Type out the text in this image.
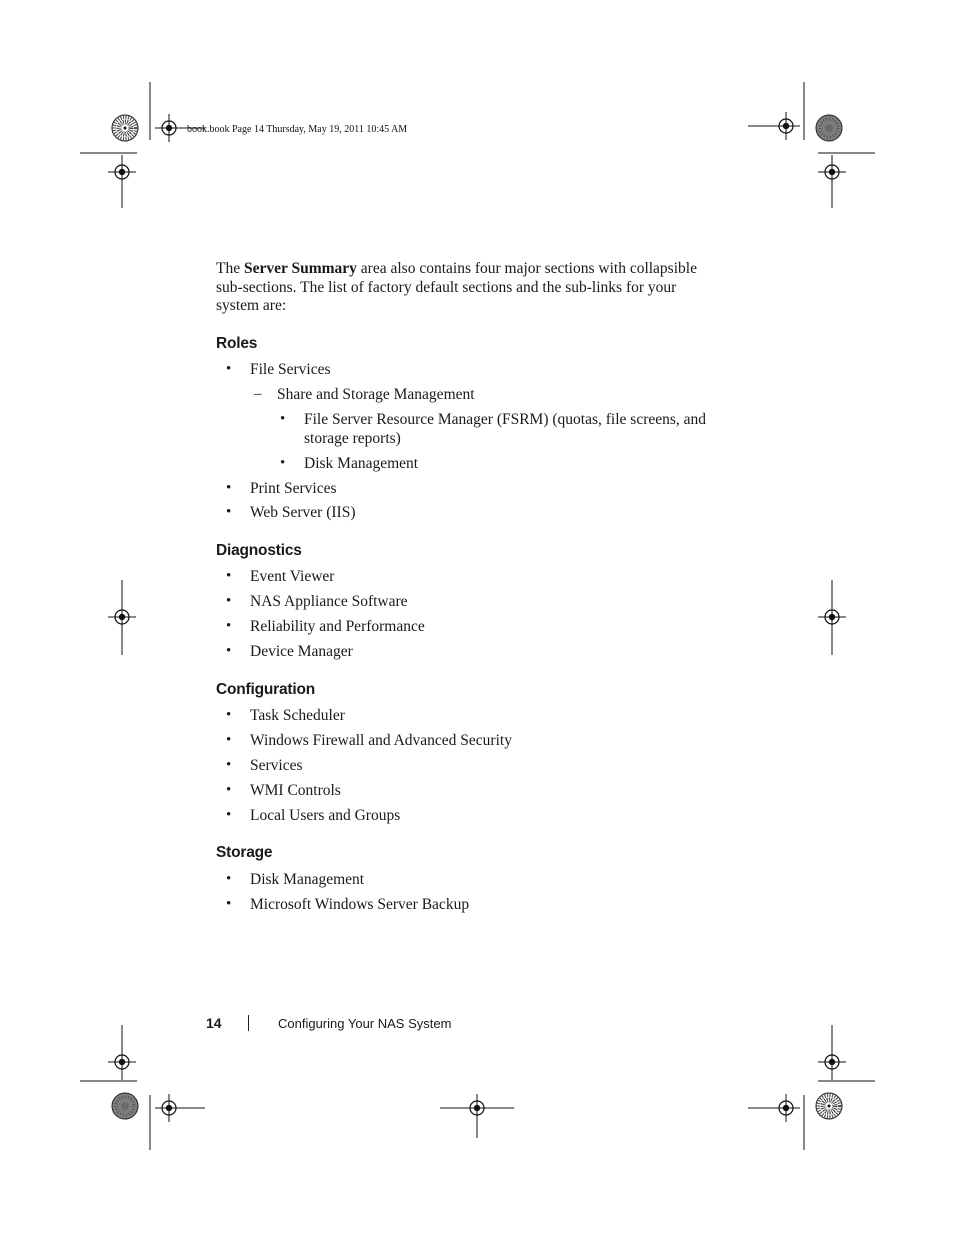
book.book Page 14 Thursday, May 19, 2011 10:45 AM
The Server Summary area also contains four major sections with collapsible
sub-sections. The list of factory default sections and the sub-links for your
system are:
Roles
• File Services
– Share and Storage Management
• File Server Resource Manager (FSRM) (quotas, file screens, and
storage reports)
• Disk Management
• Print Services
• Web Server (IIS)
Diagnostics
• Event Viewer
• NAS Appliance Software
• Reliability and Performance
• Device Manager
Configuration
• Task Scheduler
• Windows Firewall and Advanced Security
• Services
• WMI Controls
• Local Users and Groups
Storage
• Disk Management
• Microsoft Windows Server Backup
14	Configuring Your NAS System
